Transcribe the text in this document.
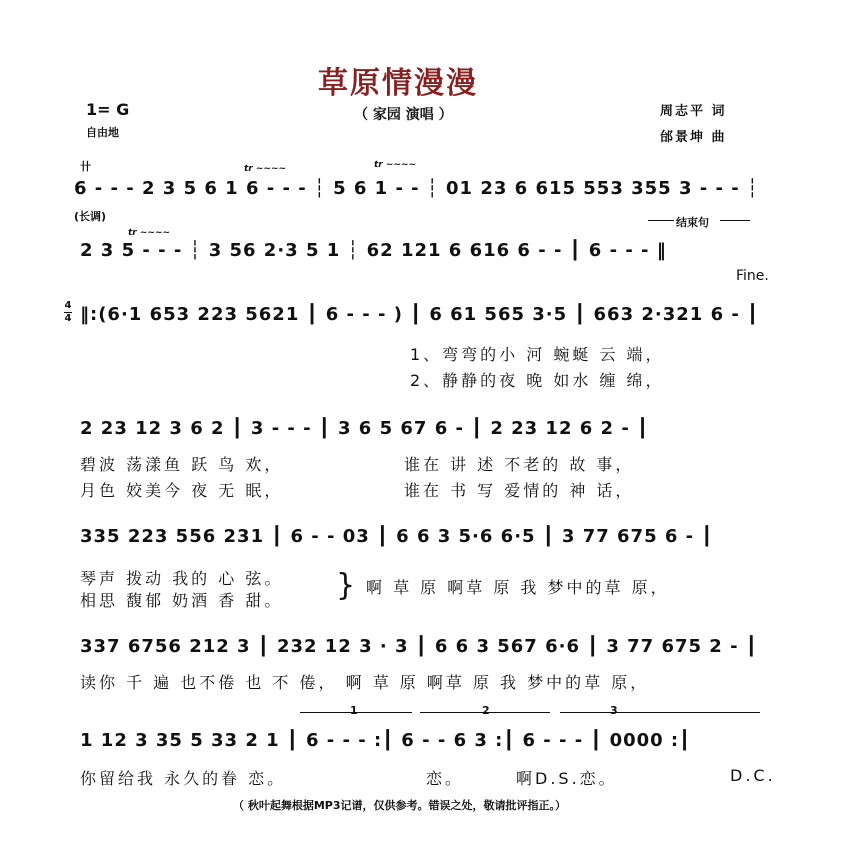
草原情漫漫
（ 家园 演唱 ）
1= G
自由地
周志平 词
邰景坤 曲
卄	tr ~~~~	tr ~~~~
6 - - - 2 3 5 6 1 6 - - - ┆ 5 6 1 - - ┆ 01 23 6 615 553 355 3 - - - ┆
(长调)
tr ~~~~
结束句
2 3 5 - - - ┆ 3 56 2·3 5 1 ┆ 62 121 6 616 6 - - ┃ 6 - - - ‖
Fine.
4
4 ‖:(6·1 653 223 5621 ┃ 6 - - - ) ┃ 6 61 565 3·5 ┃ 663 2·321 6 - ┃
1、弯弯的小 河 蜿蜒 云 端，
2、静静的夜 晚 如水 缠 绵，
2 23 12 3 6 2 ┃ 3 - - - ┃ 3 6 5 67 6 - ┃ 2 23 12 6 2 - ┃
碧波 荡漾鱼 跃 鸟 欢，	谁在 讲 述 不老的 故 事，
月色 姣美今 夜 无 眠，	谁在 书 写 爱情的 神 话，
335 223 556 231 ┃ 6 - - 03 ┃ 6 6 3 5·6 6·5 ┃ 3 77 675 6 - ┃
琴声 拨动 我的 心 弦。
相思 馥郁 奶酒 香 甜。 } 啊 草 原 啊草 原 我 梦中的草 原，
337 6756 212 3 ┃ 232 12 3 · 3 ┃ 6 6 3 567 6·6 ┃ 3 77 675 2 - ┃
读你 千 遍 也不倦 也 不 倦， 啊 草 原 啊草 原 我 梦中的草 原，
1	2	3
1 12 3 35 5 33 2 1 ┃ 6 - - - :┃ 6 - - 6 3 :┃ 6 - - - ┃ 0000 :┃
你留给我 永久的眷 恋。	恋。	啊D.S.恋。	D.C.
（ 秋叶起舞根据MP3记谱，仅供参考。错误之处，敬请批评指正。）
